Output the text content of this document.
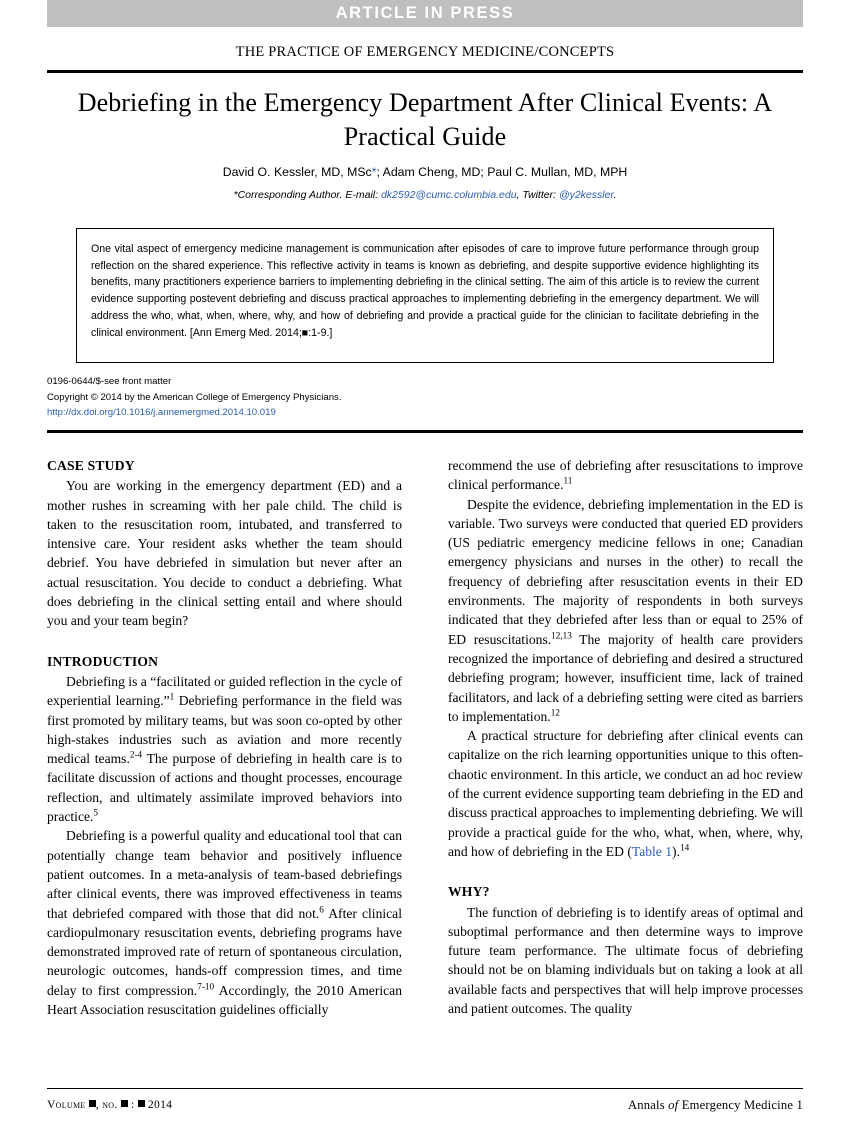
ARTICLE IN PRESS
THE PRACTICE OF EMERGENCY MEDICINE/CONCEPTS
Debriefing in the Emergency Department After Clinical Events: A Practical Guide
David O. Kessler, MD, MSc*; Adam Cheng, MD; Paul C. Mullan, MD, MPH
*Corresponding Author. E-mail: dk2592@cumc.columbia.edu, Twitter: @y2kessler.

One vital aspect of emergency medicine management is communication after episodes of care to improve future performance through group reflection on the shared experience. This reflective activity in teams is known as debriefing, and despite supportive evidence highlighting its benefits, many practitioners experience barriers to implementing debriefing in the clinical setting. The aim of this article is to review the current evidence supporting postevent debriefing and discuss practical approaches to implementing debriefing in the emergency department. We will address the who, what, when, where, why, and how of debriefing and provide a practical guide for the clinician to facilitate debriefing in the clinical environment. [Ann Emerg Med. 2014;■:1-9.]

0196-0644/$-see front matter
Copyright © 2014 by the American College of Emergency Physicians.
http://dx.doi.org/10.1016/j.annemergmed.2014.10.019
CASE STUDY

You are working in the emergency department (ED) and a mother rushes in screaming with her pale child. The child is taken to the resuscitation room, intubated, and transferred to intensive care. Your resident asks whether the team should debrief. You have debriefed in simulation but never after an actual resuscitation. You decide to conduct a debriefing. What does debriefing in the clinical setting entail and where should you and your team begin?

INTRODUCTION

Debriefing is a “facilitated or guided reflection in the cycle of experiential learning.”$^1$ Debriefing performance in the field was first promoted by military teams, but was soon co-opted by other high-stakes industries such as aviation and more recently medical teams.$^{2-4}$ The purpose of debriefing in health care is to facilitate discussion of actions and thought processes, encourage reflection, and ultimately assimilate improved behaviors into practice.$^5$

Debriefing is a powerful quality and educational tool that can potentially change team behavior and positively influence patient outcomes. In a meta-analysis of team-based debriefings after clinical events, there was improved effectiveness in teams that debriefed compared with those that did not.$^6$ After clinical cardiopulmonary resuscitation events, debriefing programs have demonstrated improved rate of return of spontaneous circulation, neurologic outcomes, hands-off compression times, and time delay to first compression.$^{7-10}$ Accordingly, the 2010 American Heart Association resuscitation guidelines officially

recommend the use of debriefing after resuscitations to improve clinical performance.$^{11}$

Despite the evidence, debriefing implementation in the ED is variable. Two surveys were conducted that queried ED providers (US pediatric emergency medicine fellows in one; Canadian emergency physicians and nurses in the other) to recall the frequency of debriefing after resuscitation events in their ED environments. The majority of respondents in both surveys indicated that they debriefed after less than or equal to 25% of ED resuscitations.$^{12,13}$ The majority of health care providers recognized the importance of debriefing and desired a structured debriefing program; however, insufficient time, lack of trained facilitators, and lack of a debriefing setting were cited as barriers to implementation.$^{12}$

A practical structure for debriefing after clinical events can capitalize on the rich learning opportunities unique to this often-chaotic environment. In this article, we conduct an ad hoc review of the current evidence supporting team debriefing in the ED and discuss practical approaches to implementing debriefing. We will provide a practical guide for the who, what, when, where, why, and how of debriefing in the ED (Table 1).$^{14}$

WHY?

The function of debriefing is to identify areas of optimal and suboptimal performance and then determine ways to improve future team performance. The ultimate focus of debriefing should not be on blaming individuals but on taking a look at all available facts and perspectives that will help improve processes and patient outcomes. The quality

Volume , no.  :  2014	Annals of Emergency Medicine 1
